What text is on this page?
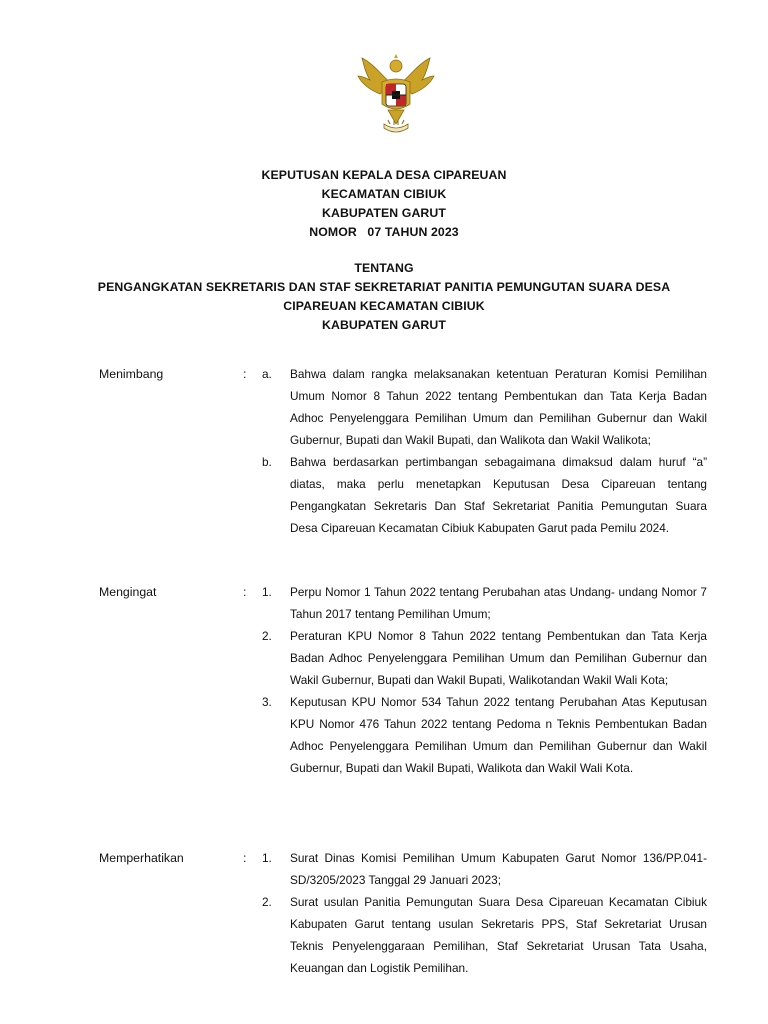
KEPUTUSAN KEPALA DESA CIPAREUAN
KECAMATAN CIBIUK
KABUPATEN GARUT
NOMOR   07 TAHUN 2023
TENTANG
PENGANGKATAN SEKRETARIS DAN STAF SEKRETARIAT PANITIA PEMUNGUTAN SUARA DESA
CIPAREUAN KECAMATAN CIBIUK
KABUPATEN GARUT
Menimbang	: a.	Bahwa dalam rangka melaksanakan ketentuan Peraturan Komisi Pemilihan Umum Nomor 8 Tahun 2022 tentang Pembentukan dan Tata Kerja Badan Adhoc Penyelenggara Pemilihan Umum dan Pemilihan Gubernur dan Wakil Gubernur, Bupati dan Wakil Bupati, dan Walikota dan Wakil Walikota;
b.	Bahwa berdasarkan pertimbangan sebagaimana dimaksud dalam huruf “a” diatas, maka perlu menetapkan Keputusan Desa Cipareuan tentang Pengangkatan Sekretaris Dan Staf Sekretariat Panitia Pemungutan Suara Desa Cipareuan Kecamatan Cibiuk Kabupaten Garut pada Pemilu 2024.
Mengingat	: 1.	Perpu Nomor 1 Tahun 2022 tentang Perubahan atas Undang- undang Nomor 7 Tahun 2017 tentang Pemilihan Umum;
2.	Peraturan KPU Nomor 8 Tahun 2022 tentang Pembentukan dan Tata Kerja Badan Adhoc Penyelenggara Pemilihan Umum dan Pemilihan Gubernur dan Wakil Gubernur, Bupati dan Wakil Bupati, Walikotandan Wakil Wali Kota;
3.	Keputusan KPU Nomor 534 Tahun 2022 tentang Perubahan Atas Keputusan KPU Nomor 476 Tahun 2022 tentang Pedoma n Teknis Pembentukan Badan Adhoc Penyelenggara Pemilihan Umum dan Pemilihan Gubernur dan Wakil Gubernur, Bupati dan Wakil Bupati, Walikota dan Wakil Wali Kota.
Memperhatikan	: 1.	Surat Dinas Komisi Pemilihan Umum Kabupaten Garut Nomor 136/PP.041-SD/3205/2023 Tanggal 29 Januari 2023;
2.	Surat usulan Panitia Pemungutan Suara Desa Cipareuan Kecamatan Cibiuk Kabupaten Garut tentang usulan Sekretaris PPS, Staf Sekretariat Urusan Teknis Penyelenggaraan Pemilihan, Staf Sekretariat Urusan Tata Usaha, Keuangan dan Logistik Pemilihan.
